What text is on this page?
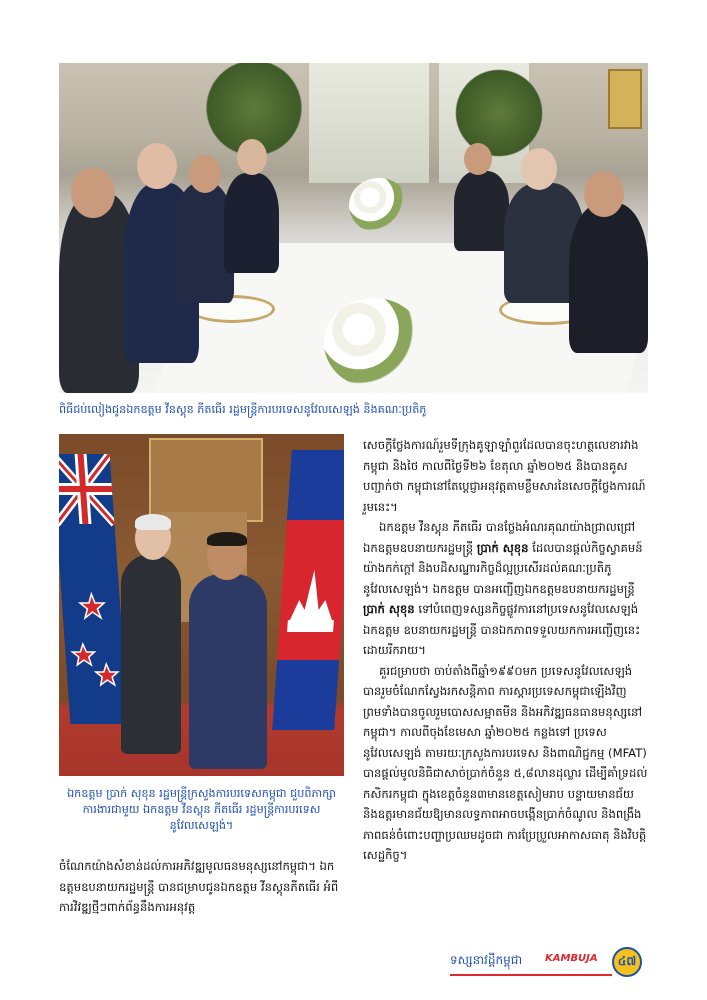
ពិធីជប់លៀងជូនឯកឧត្តម វីនស្តុន ភីតធើរ រដ្ឋមន្ត្រីការបរទេសនូវែលសេឡង់ និងគណៈប្រតិភូ
ឯកឧត្តម ប្រាក់ សុខុន រដ្ឋមន្ត្រីក្រសួងការបរទេសកម្ពុជា ជួបពិភាក្សាការងារជាមួយ ឯកឧត្តម វីនស្តុន ភីតធើរ រដ្ឋមន្ត្រីការបរទេសនូវែលសេឡង់។
ចំណែកយ៉ាងសំខាន់ដល់ការអភិវឌ្ឍមូលធនមនុស្សនៅកម្ពុជា។ ឯកឧត្តមឧបនាយករដ្ឋមន្ត្រី បានជម្រាបជូនឯកឧត្តម វីនស្តុនភីតធើរ អំពីការវិវឌ្ឍថ្មីៗពាក់ព័ន្ធនឹងការអនុវត្ត

សេចក្តីថ្លែងការណ៍រួមទីក្រុងគូឡាឡាំពួរដែលបានចុះហត្ថលេខារវាងកម្ពុជា និងថៃ កាលពីថ្ងៃទី២៦ ខែតុលា ឆ្នាំ២០២៥ និងបានគូសបញ្ជាក់ថា កម្ពុជានៅតែប្តេជ្ញាអនុវត្តតាមខ្លឹមសារនៃសេចក្តីថ្លែងការណ៍រួមនេះ។

ឯកឧត្តម វីនស្តុន ភីតធើរ បានថ្លែងអំណរគុណយ៉ាងជ្រាលជ្រៅ ឯកឧត្តមឧបនាយករដ្ឋមន្ត្រី ប្រាក់ សុខុន ដែលបានផ្តល់កិច្ចស្វាគមន៍យ៉ាងកក់ក្តៅ និងបដិសណ្ឋារកិច្ចដ៏ល្អប្រសើរដល់គណៈប្រតិភូនូវែលសេឡង់។ ឯកឧត្តម បានអញ្ជើញឯកឧត្តមឧបនាយករដ្ឋមន្ត្រី ប្រាក់ សុខុន ទៅបំពេញទស្សនកិច្ចផ្លូវការនៅប្រទេសនូវែលសេឡង់ ឯកឧត្តម ឧបនាយករដ្ឋមន្ត្រី បានឯកភាពទទួលយកការអញ្ជើញនេះដោយរីករាយ។

គួរជម្រាបថា ចាប់តាំងពីឆ្នាំ១៩៩០មក ប្រទេសនូវែលសេឡង់បានរួមចំណែកស្វែងរកសន្តិភាព ការស្តារប្រទេសកម្ពុជាឡើងវិញ ព្រមទាំងបានចូលរួមបោសសម្អាតមីន និងអភិវឌ្ឍធនធានមនុស្សនៅកម្ពុជា។ កាលពីចុងខែមេសា ឆ្នាំ២០២៥ កន្លងទៅ ប្រទេសនូវែលសេឡង់ តាមរយៈក្រសួងការបរទេស និងពាណិជ្ជកម្ម (MFAT) បានផ្តល់មូលនិធិជាសាច់ប្រាក់ចំនួន ៥,៨លានដុល្លារ ដើម្បីគាំទ្រដល់កសិករកម្ពុជា ក្នុងខេត្តចំនួន៣មានខេត្តសៀមរាប បន្ទាយមានជ័យ និងឧត្តរមានជ័យឱ្យមានលទ្ធភាពអាចបង្កើនប្រាក់ចំណូល និងពង្រឹងភាពធន់ចំពោះបញ្ហាប្រឈមដូចជា ការប្រែប្រួលអាកាសធាតុ និងវិបត្តិសេដ្ឋកិច្ច។

ទស្សនាវដ្តីកម្ពុជា KAMBUJA	៤៧
